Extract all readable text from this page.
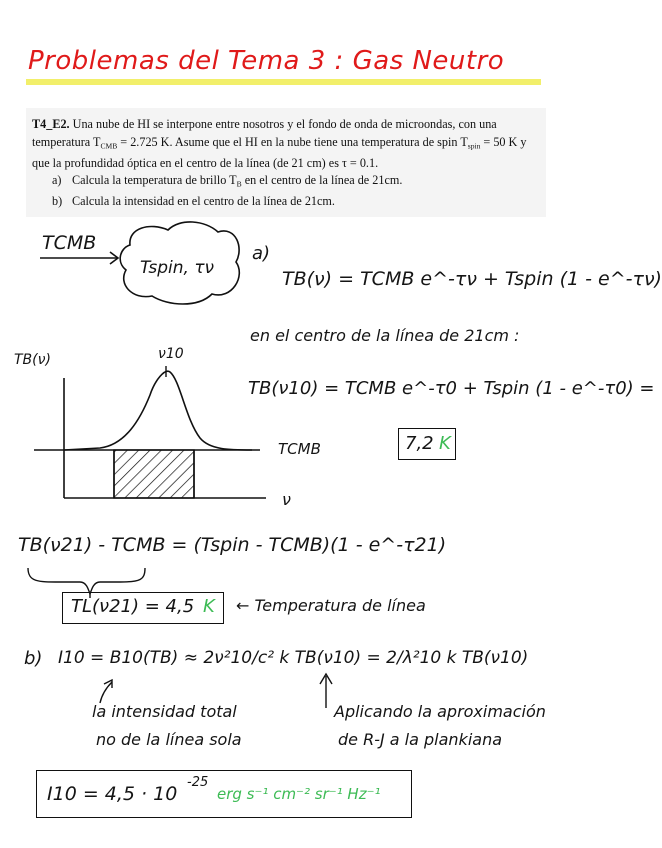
Problemas del Tema 3 : Gas Neutro
T4_E2. Una nube de HI se interpone entre nosotros y el fondo de onda de microondas, con una temperatura $T_{CMB} = 2.725$ K. Asume que el HI en la nube tiene una temperatura de spin $T_{spin} = 50$ K y que la profundidad óptica en el centro de la línea (de 21 cm) es τ = 0.1.
a) Calcula la temperatura de brillo $T_B$ en el centro de la línea de 21cm.
b) Calcula la intensidad en el centro de la línea de 21cm.
TCMB
Tspin, τν
a)
TB(ν) = TCMB e^-τν + Tspin (1 - e^-τν)
en el centro de la línea de 21cm :
TB(ν10) = TCMB e^-τ0 + Tspin (1 - e^-τ0) =
7,2 K
TB(ν)	ν10
TCMB
ν
TB(ν21) - TCMB = (Tspin - TCMB)(1 - e^-τ21)
TL(ν21) = 4,5 K ← Temperatura de línea
b) I10 = B10(TB) ≈ 2ν²10/c² k TB(ν10) = 2/λ²10 k TB(ν10)
la intensidad total
no de la línea sola
Aplicando la aproximación
de R-J a la plankiana
I10 = 4,5 · 10
-25
erg s⁻¹ cm⁻² sr⁻¹ Hz⁻¹
